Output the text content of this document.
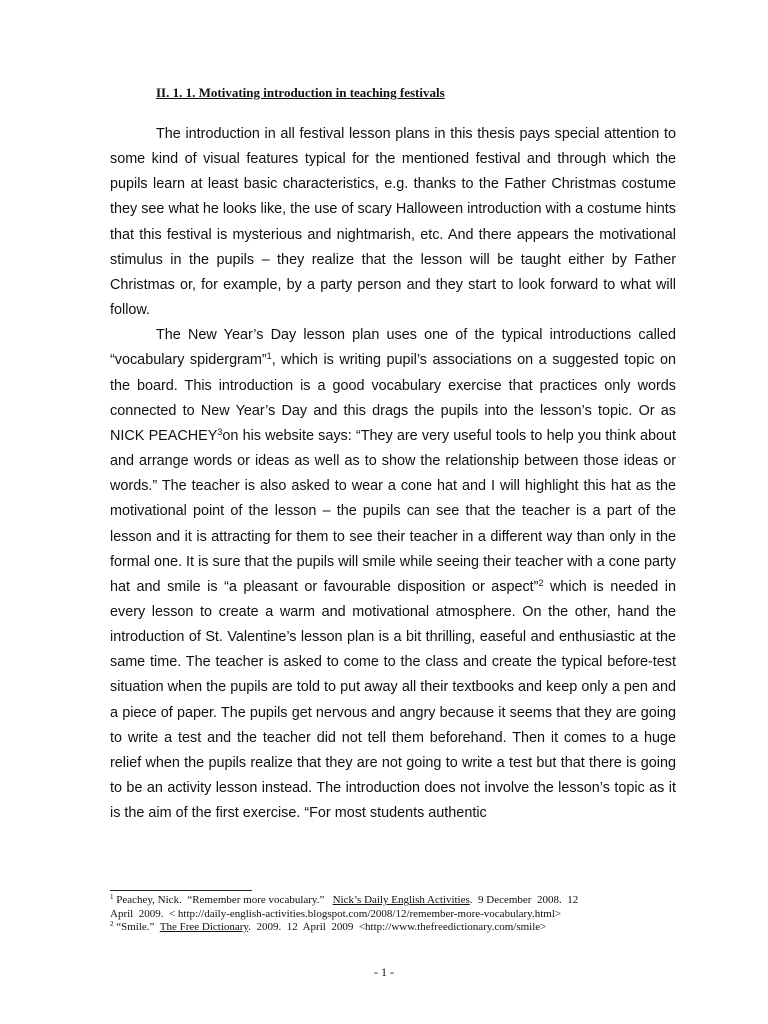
II. 1. 1. Motivating introduction in teaching festivals

The introduction in all festival lesson plans in this thesis pays special attention to some kind of visual features typical for the mentioned festival and through which the pupils learn at least basic characteristics, e.g. thanks to the Father Christmas costume they see what he looks like, the use of scary Halloween introduction with a costume hints that this festival is mysterious and nightmarish, etc. And there appears the motivational stimulus in the pupils – they realize that the lesson will be taught either by Father Christmas or, for example, by a party person and they start to look forward to what will follow.

The New Year’s Day lesson plan uses one of the typical introductions called “vocabulary spidergram”$^1$, which is writing pupil’s associations on a suggested topic on the board. This introduction is a good vocabulary exercise that practices only words connected to New Year’s Day and this drags the pupils into the lesson’s topic. Or as NICK PEACHEY$^3$on his website says: “They are very useful tools to help you think about and arrange words or ideas as well as to show the relationship between those ideas or words.” The teacher is also asked to wear a cone hat and I will highlight this hat as the motivational point of the lesson – the pupils can see that the teacher is a part of the lesson and it is attracting for them to see their teacher in a different way than only in the formal one. It is sure that the pupils will smile while seeing their teacher with a cone party hat and smile is “a pleasant or favourable disposition or aspect”$^2$ which is needed in every lesson to create a warm and motivational atmosphere. On the other, hand the introduction of St. Valentine’s lesson plan is a bit thrilling, easeful and enthusiastic at the same time. The teacher is asked to come to the class and create the typical before-test situation when the pupils are told to put away all their textbooks and keep only a pen and a piece of paper. The pupils get nervous and angry because it seems that they are going to write a test and the teacher did not tell them beforehand. Then it comes to a huge relief when the pupils realize that they are not going to write a test but that there is going to be an activity lesson instead. The introduction does not involve the lesson’s topic as it is the aim of the first exercise. “For most students authentic

$^1$ Peachey, Nick.  “Remember more vocabulary.”   Nick’s Daily English Activities.  9 December  2008.  12
April  2009.  < http://daily-english-activities.blogspot.com/2008/12/remember-more-vocabulary.html>

$^2$ “Smile.”  The Free Dictionary.  2009.  12  April  2009  <http://www.thefreedictionary.com/smile>

- 1 -
